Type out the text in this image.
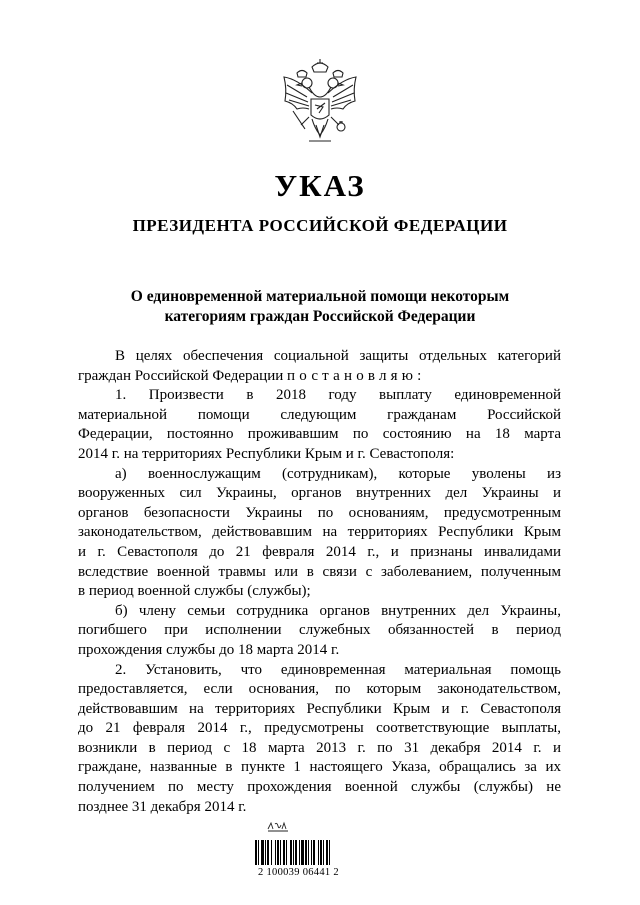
УКАЗ
ПРЕЗИДЕНТА РОССИЙСКОЙ ФЕДЕРАЦИИ
О единовременной материальной помощи некоторым
категориям граждан Российской Федерации

В целях обеспечения социальной защиты отдельных категорий

граждан Российской Федерации постановляю:

1. Произвести в 2018 году выплату единовременной

материальной помощи следующим гражданам Российской

Федерации, постоянно проживавшим по состоянию на 18 марта

2014 г. на территориях Республики Крым и г. Севастополя:

а) военнослужащим (сотрудникам), которые уволены из

вооруженных сил Украины, органов внутренних дел Украины и

органов безопасности Украины по основаниям, предусмотренным

законодательством, действовавшим на территориях Республики Крым

и г. Севастополя до 21 февраля 2014 г., и признаны инвалидами

вследствие военной травмы или в связи с заболеванием, полученным

в период военной службы (службы);

б) члену семьи сотрудника органов внутренних дел Украины,

погибшего при исполнении служебных обязанностей в период

прохождения службы до 18 марта 2014 г.

2. Установить, что единовременная материальная помощь

предоставляется, если основания, по которым законодательством,

действовавшим на территориях Республики Крым и г. Севастополя

до 21 февраля 2014 г., предусмотрены соответствующие выплаты,

возникли в период с 18 марта 2013 г. по 31 декабря 2014 г. и

граждане, названные в пункте 1 настоящего Указа, обращались за их

получением по месту прохождения военной службы (службы) не

позднее 31 декабря 2014 г.

2 100039 06441 2
